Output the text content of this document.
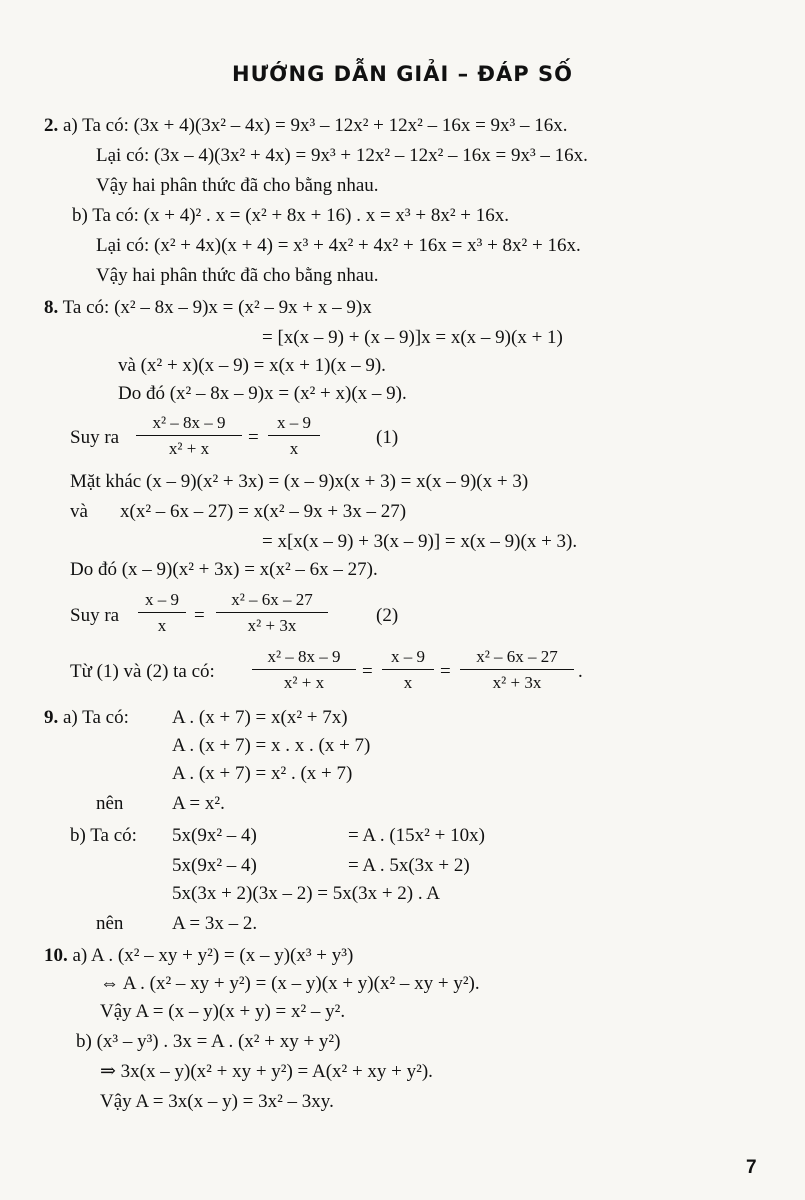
HƯỚNG DẪN GIẢI – ĐÁP SỐ
2. a) Ta có: (3x + 4)(3x² – 4x) = 9x³ – 12x² + 12x² – 16x = 9x³ – 16x.
Lại có: (3x – 4)(3x² + 4x) = 9x³ + 12x² – 12x² – 16x = 9x³ – 16x.
Vậy hai phân thức đã cho bằng nhau.
b) Ta có: (x + 4)² . x = (x² + 8x + 16) . x = x³ + 8x² + 16x.
Lại có: (x² + 4x)(x + 4) = x³ + 4x² + 4x² + 16x = x³ + 8x² + 16x.
Vậy hai phân thức đã cho bằng nhau.
8. Ta có: (x² – 8x – 9)x = (x² – 9x + x – 9)x
= [x(x – 9) + (x – 9)]x = x(x – 9)(x + 1)
và (x² + x)(x – 9) = x(x + 1)(x – 9).
Do đó (x² – 8x – 9)x = (x² + x)(x – 9).
Suy ra $\frac{\text{x² – 8x – 9}}{\text{x² + x}} = \frac{x - 9}{x}$	(1)
Mặt khác (x – 9)(x² + 3x) = (x – 9)x(x + 3) = x(x – 9)(x + 3)
và x(x² – 6x – 27) = x(x² – 9x + 3x – 27)
= x[x(x – 9) + 3(x – 9)] = x(x – 9)(x + 3).
Do đó (x – 9)(x² + 3x) = x(x² – 6x – 27).
Suy ra $\frac{x - 9}{x} = \frac{\text{x² – 6x – 27}}{\text{x² + 3x}}$	(2)
Từ (1) và (2) ta có: $\frac{\text{x² – 8x – 9}}{\text{x² + x}} = \frac{x - 9}{x} = \frac{\text{x² – 6x – 27}}{\text{x² + 3x}}$ .
9. a) Ta có: A . (x + 7) = x(x² + 7x)
A . (x + 7) = x . x . (x + 7)
A . (x + 7) = x² . (x + 7)
nên	A = x².
b) Ta có: 5x(9x² – 4)	= A . (15x² + 10x)
5x(9x² – 4)	= A . 5x(3x + 2)
5x(3x + 2)(3x – 2) = 5x(3x + 2) . A
nên	A = 3x – 2.
10. a) A . (x² – xy + y²) = (x – y)(x³ + y³)
⇔ A . (x² – xy + y²) = (x – y)(x + y)(x² – xy + y²).
Vậy A = (x – y)(x + y) = x² – y².
b) (x³ – y³) . 3x = A . (x² + xy + y²)
⇒ 3x(x – y)(x² + xy + y²) = A(x² + xy + y²).
Vậy A = 3x(x – y) = 3x² – 3xy.
7
